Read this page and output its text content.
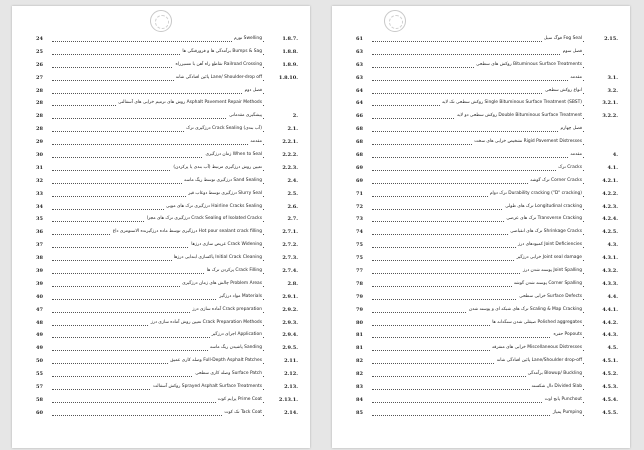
24	تورم Swelling	1.8.7.
25	برآمدگی ها و فرورفتگی ها Bumps & Sag	1.8.8.
26	تقاطع راه آهن با مسیرراه Railroad Crossing	1.8.9.
27	پائین افتادگی شانه Lane/ Shoulder-drop off	1.8.10.
28	فصل دوم
28	روش های ترمیم خرابی های آسفالتی Asphalt Pavement Repair Methods
28	پیشگیری مقدماتی	2.
28	درزگیری ترک Crack Sealing (آب بندی)	2.1.
29	مقدمه	2.2.1.
30	زمان درزگیری When to Seal	2.2.2.
31	تعیین روش درزگیری مرتبط (آب بندی یا پرکردن)	2.2.3.
32	درزگیری توسط ریگ ماسه Sand Sealing	2.4.
33	درزگیری توسط دوغاب قیر Slurry Seal	2.5.
34	درزگیری ترک های مویی Hairline Cracks Sealing	2.6.
35	درزگیری ترک های مجزا Crack Sealing of Isolated Cracks	2.7.
36	درزگیری توسط ماده درزگیرنده الاستومری داغ Hot pour sealant crack filling	2.7.1.
37	عریض سازی درزها Crack Widening	2.7.2.
38	پاکسازی ابتدایی درزها Initial Crack Cleaning	2.7.3.
39	پرکردن ترک ها Crack Filling	2.7.4.
39	چالش های زمان درزگیری Problem Areas	2.8.
40	مواد درزگیر Materials	2.9.1.
47	آماده سازی درز Crack preparation	2.9.2.
48	تعیین روش آماده سازی درز Crack Preparation Methods	2.9.3.
49	اجرای درزگیر Application	2.9.4.
49	پاشیدن ریگ ماسه Sanding	2.9.5.
50	وصله کاری عمیق Full-Depth Asphalt Patches	2.11.
55	وصله کاری سطحی Surface Patch	2.12.
57	روکش آسفالت Sprayed Asphalt Surface Treatments	2.13.
58	پرایم کوت Prime Coat	2.13.1.
60	تک کوت Tack Coat	2.14.
61	فوگ سیل Fog Seal	2.15.
63	فصل سوم
63	روکش های سطحی Bituminous Surface Treatments
63	مقدمه	3.1.
64	انواع روکش سطحی	3.2.
64	روکش سطحی تک لایه Single Bituminous Surface Treatment (SBST)	3.2.1.
66	روکش سطحی دو لایه Double Bituminous Surface Treatment	3.2.2.
68	فصل چهارم
68	تشخیص خرابی های سخت Rigid Pavement Distresses
68	مقدمه	4.
69	ترک Cracks	4.1.
69	ترک گوشه Corner Cracks	4.2.1.
71	ترک دوام Durability cracking ("D" cracking)	4.2.2.
72	ترک های طولی Longitudinal cracking	4.2.3.
73	ترک های عرضی Transverse Cracking	4.2.4.
74	ترک های انقباضی Shrinkage Cracks	4.2.5.
75	کمبودهای درز Joint Deficiencies	4.3.
75	خرابی درزگیر Joint seal damage	4.3.1.
77	پوسته شدن درز Joint Spalling	4.3.2.
78	پوسته شدن گوشه Corner Spalling	4.3.3.
79	خرابی سطحی Surface Defects	4.4.
79	ترک های شبکه ای و پوسته شدن Scaling & Map Cracking	4.4.1.
80	صیقلی شدن سنگدانه ها Polished aggregates	4.4.2.
81	حفره Popouts	4.4.3.
81	خرابی های متفرقه Miscellaneous Distresses	4.5.
82	پائین افتادگی شانه Lane/Shoulder drop-off	4.5.1.
82	برآمدگی Blowup/ Buckling	4.5.2.
83	دال شکسته Divided Slab	4.5.3.
84	پانچ اوت Punchout	4.5.4.
85	پمپاژ Pumping	4.5.5.
